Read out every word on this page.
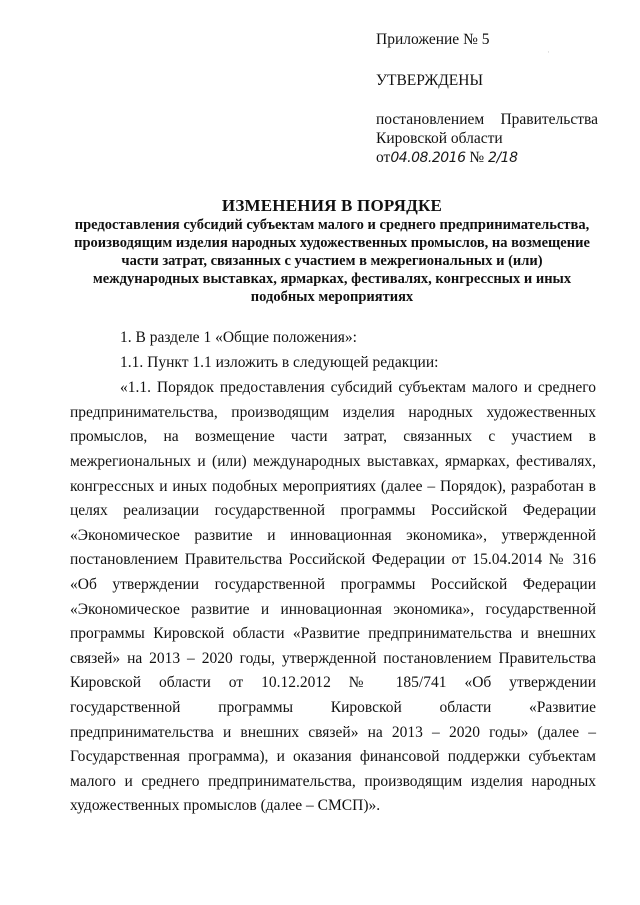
Приложение № 5
УТВЕРЖДЕНЫ
постановлением Правительства
Кировской области
от04.08.2016 № 2/18
·
ИЗМЕНЕНИЯ В ПОРЯДКЕ
предоставления субсидий субъектам малого и среднего предпринимательства, производящим изделия народных художественных промыслов, на возмещение части затрат, связанных с участием в межрегиональных и (или) международных выставках, ярмарках, фестивалях, конгрессных и иных подобных мероприятиях

1. В разделе 1 «Общие положения»:

1.1. Пункт 1.1 изложить в следующей редакции:

«1.1. Порядок предоставления субсидий субъектам малого и среднего предпринимательства, производящим изделия народных художественных промыслов, на возмещение части затрат, связанных с участием в межрегиональных и (или) международных выставках, ярмарках, фестивалях, конгрессных и иных подобных мероприятиях (далее – Порядок), разработан в целях реализации государственной программы Российской Федерации «Экономическое развитие и инновационная экономика», утвержденной постановлением Правительства Российской Федерации от 15.04.2014 № 316 «Об утверждении государственной программы Российской Федерации «Экономическое развитие и инновационная экономика», государственной программы Кировской области «Развитие предпринимательства и внешних связей» на 2013 – 2020 годы, утвержденной постановлением Правительства Кировской области от 10.12.2012 № 185/741 «Об утверждении государственной программы Кировской области «Развитие предпринимательства и внешних связей» на 2013 – 2020 годы» (далее – Государственная программа), и оказания финансовой поддержки субъектам малого и среднего предпринимательства, производящим изделия народных художественных промыслов (далее – СМСП)».
